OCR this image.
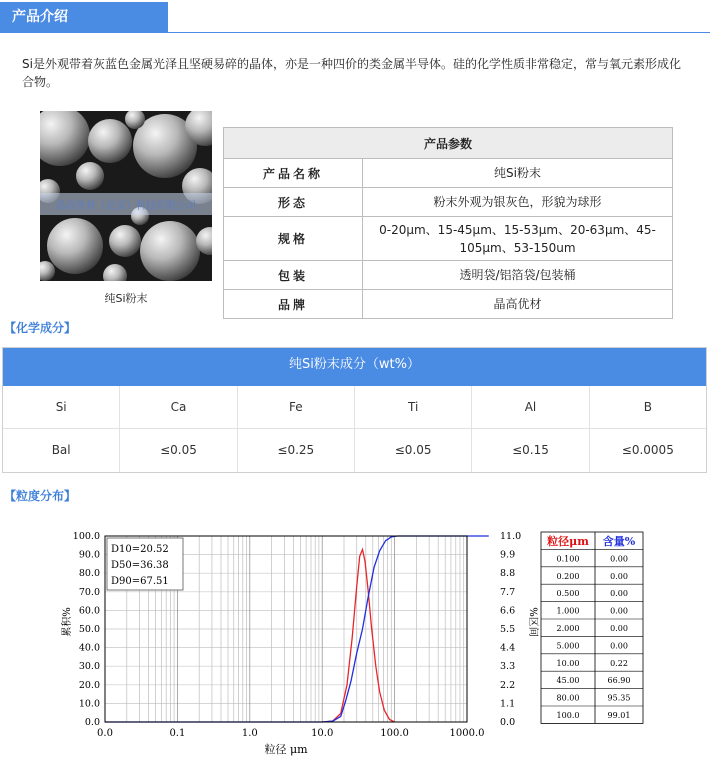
产品介绍
Si是外观带着灰蓝色金属光泽且坚硬易碎的晶体，亦是一种四价的类金属半导体。硅的化学性质非常稳定，常与氧元素形成化合物。
晶高优材（北京）科技有限公司
纯Si粉末
产品参数	
产品名称	纯Si粉末
形态	粉末外观为银灰色，形貌为球形
规格	0-20μm、15-45μm、15-53μm、20-63μm、45-105μm、53-150um
包装	透明袋/铝箔袋/包装桶
品牌	晶高优材
【化学成分】
纯Si粉末成分（wt%）
Si	Ca	Fe	Ti	Al	B
Bal	≤0.05	≤0.25	≤0.05	≤0.15	≤0.0005
【粒度分布】
0.0	0.1	1.0	10.0	100.0	1000.0
0.0
10.0
20.0
30.0
40.0
50.0
60.0
70.0
80.0
90.0
100.0
0.0
1.1
2.2
3.3
4.4
5.5
6.6
7.7
8.8
9.9
11.0
D10=20.52
D50=36.38
D90=67.51
粒径 μm
累积%	%区间
粒径μm 含量%
0.100	0.00
0.200	0.00
0.500	0.00
1.000	0.00
2.000	0.00
5.000	0.00
10.00	0.22
45.00	66.90
80.00	95.35
100.0	99.01
